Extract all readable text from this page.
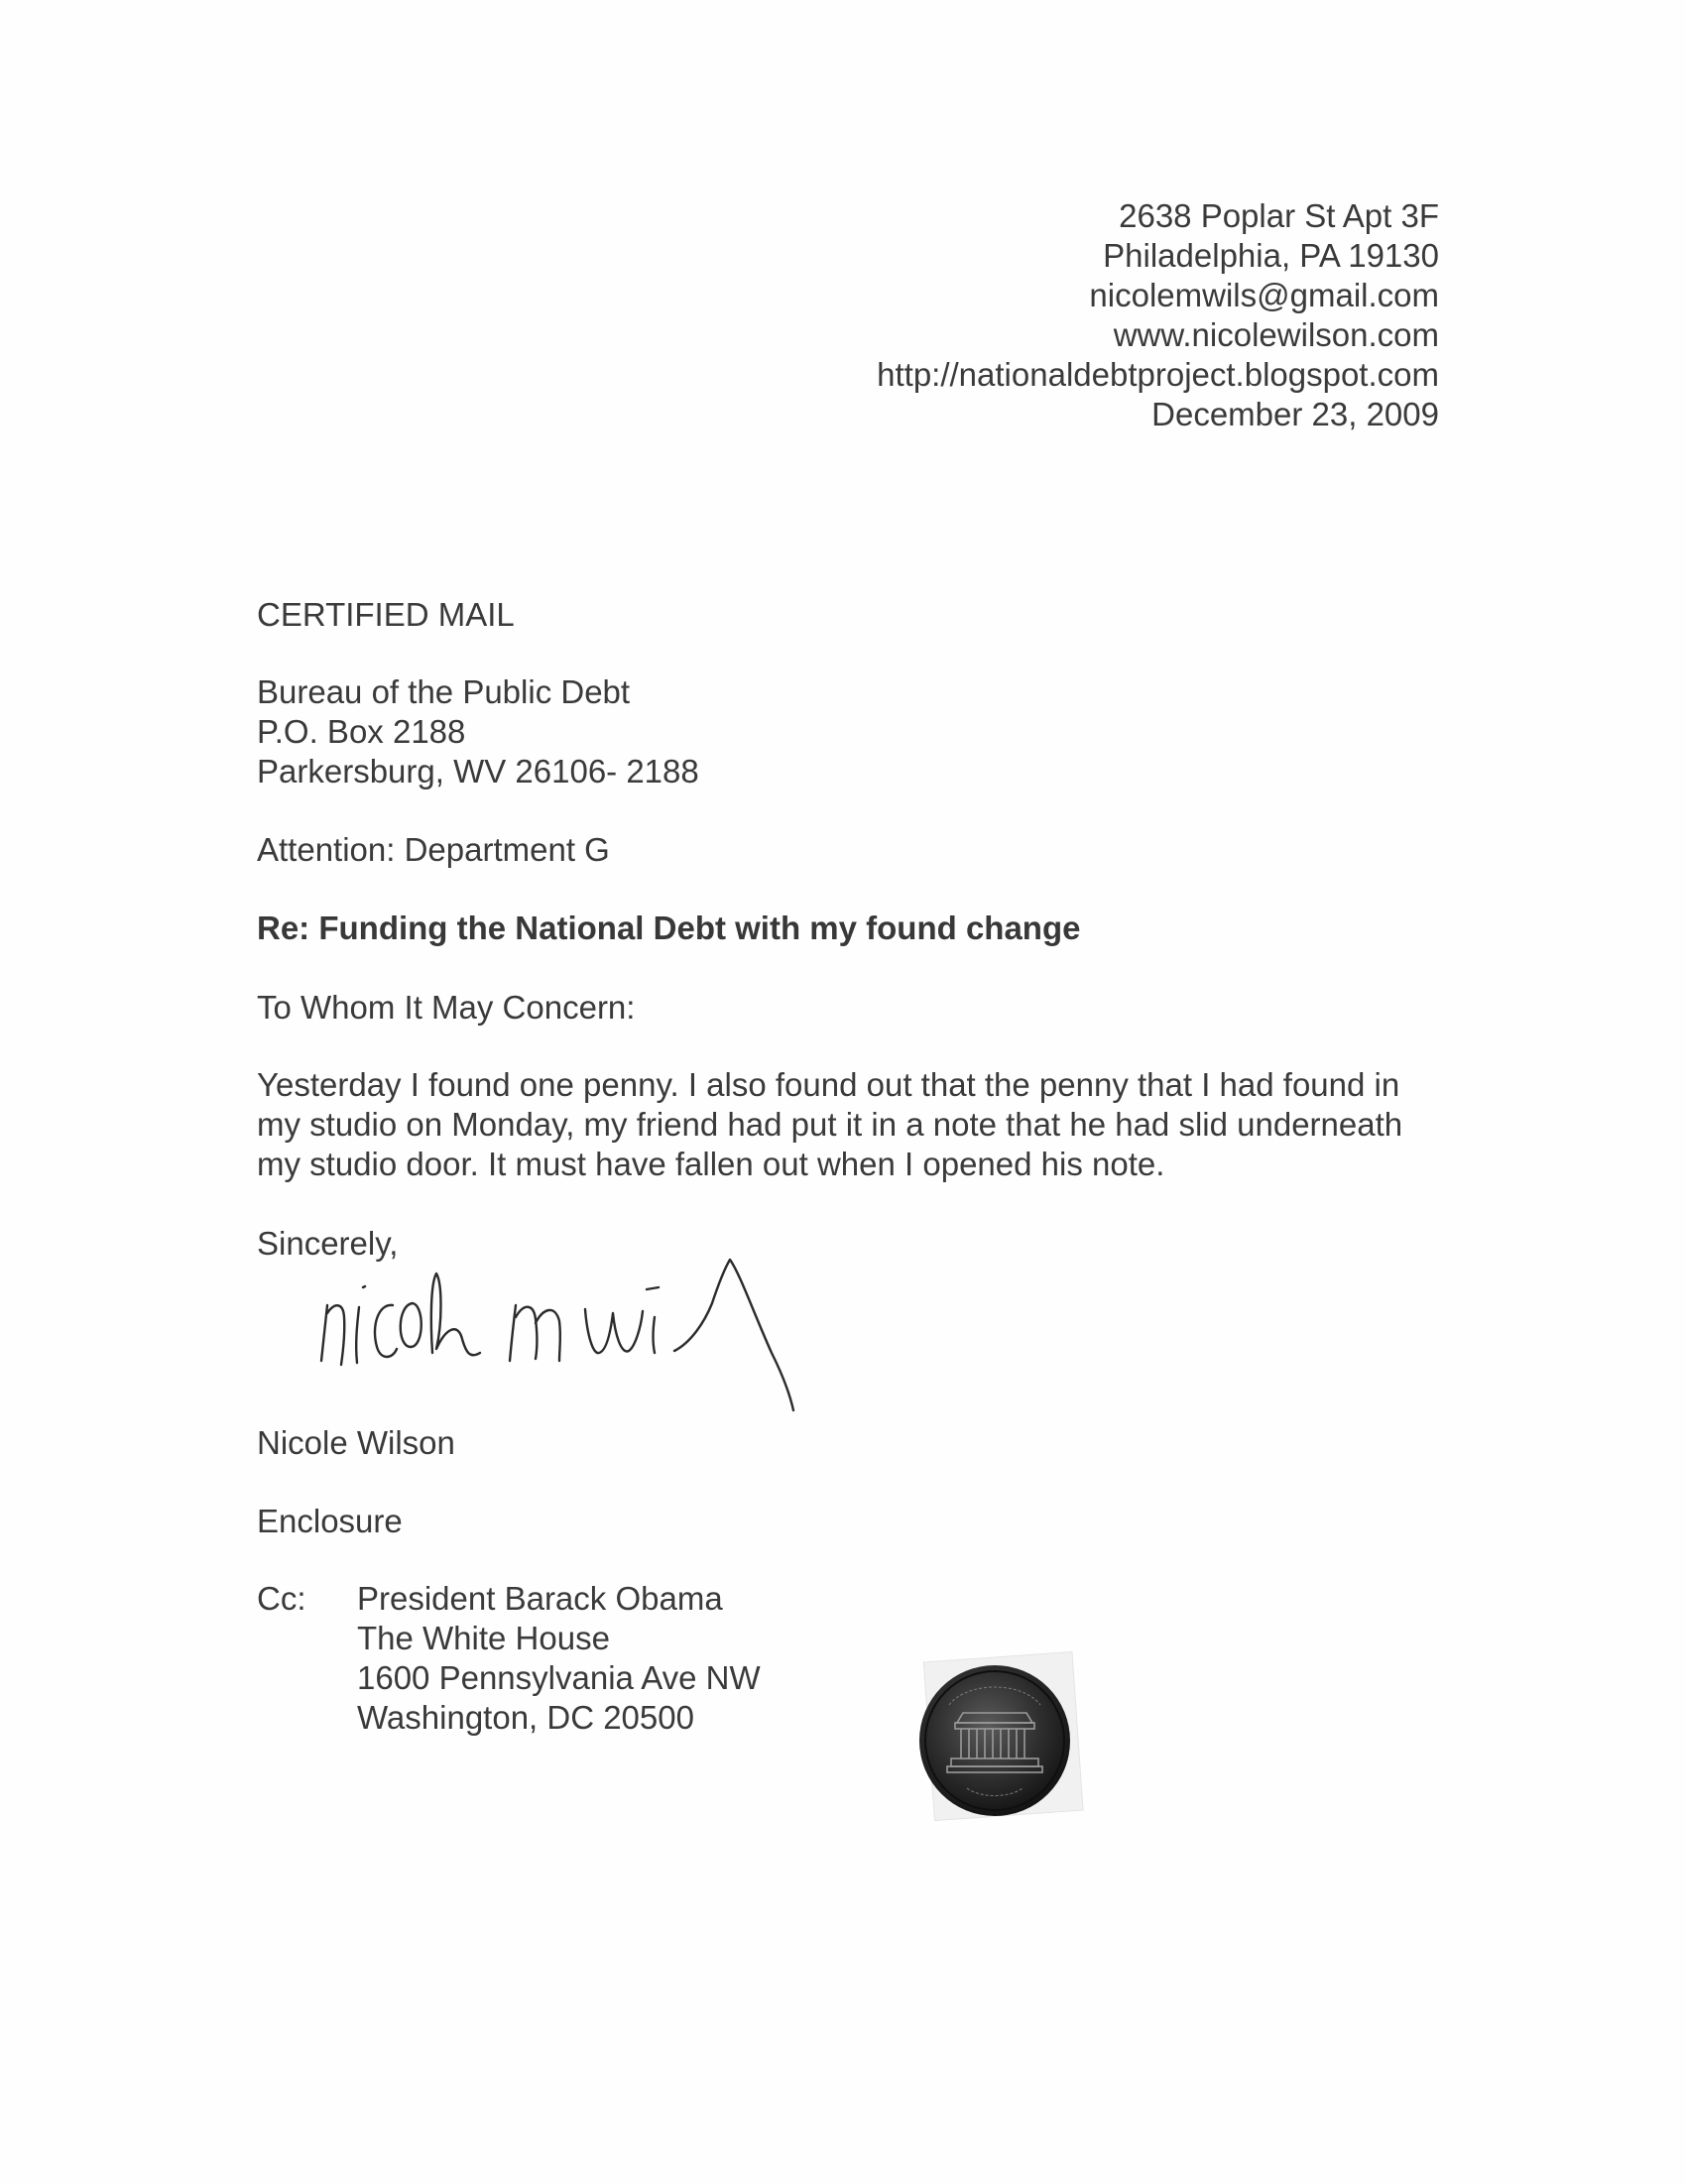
2638 Poplar St Apt 3F
Philadelphia, PA 19130
nicolemwils@gmail.com
www.nicolewilson.com
http://nationaldebtproject.blogspot.com
December 23, 2009
CERTIFIED MAIL
Bureau of the Public Debt
P.O. Box 2188
Parkersburg, WV 26106- 2188
Attention: Department G
Re: Funding the National Debt with my found change
To Whom It May Concern:
Yesterday I found one penny. I also found out that the penny that I had found in
my studio on Monday, my friend had put it in a note that he had slid underneath
my studio door. It must have fallen out when I opened his note.
Sincerely,
Nicole Wilson
Enclosure
Cc: President Barack Obama
The White House
1600 Pennsylvania Ave NW
Washington, DC 20500
